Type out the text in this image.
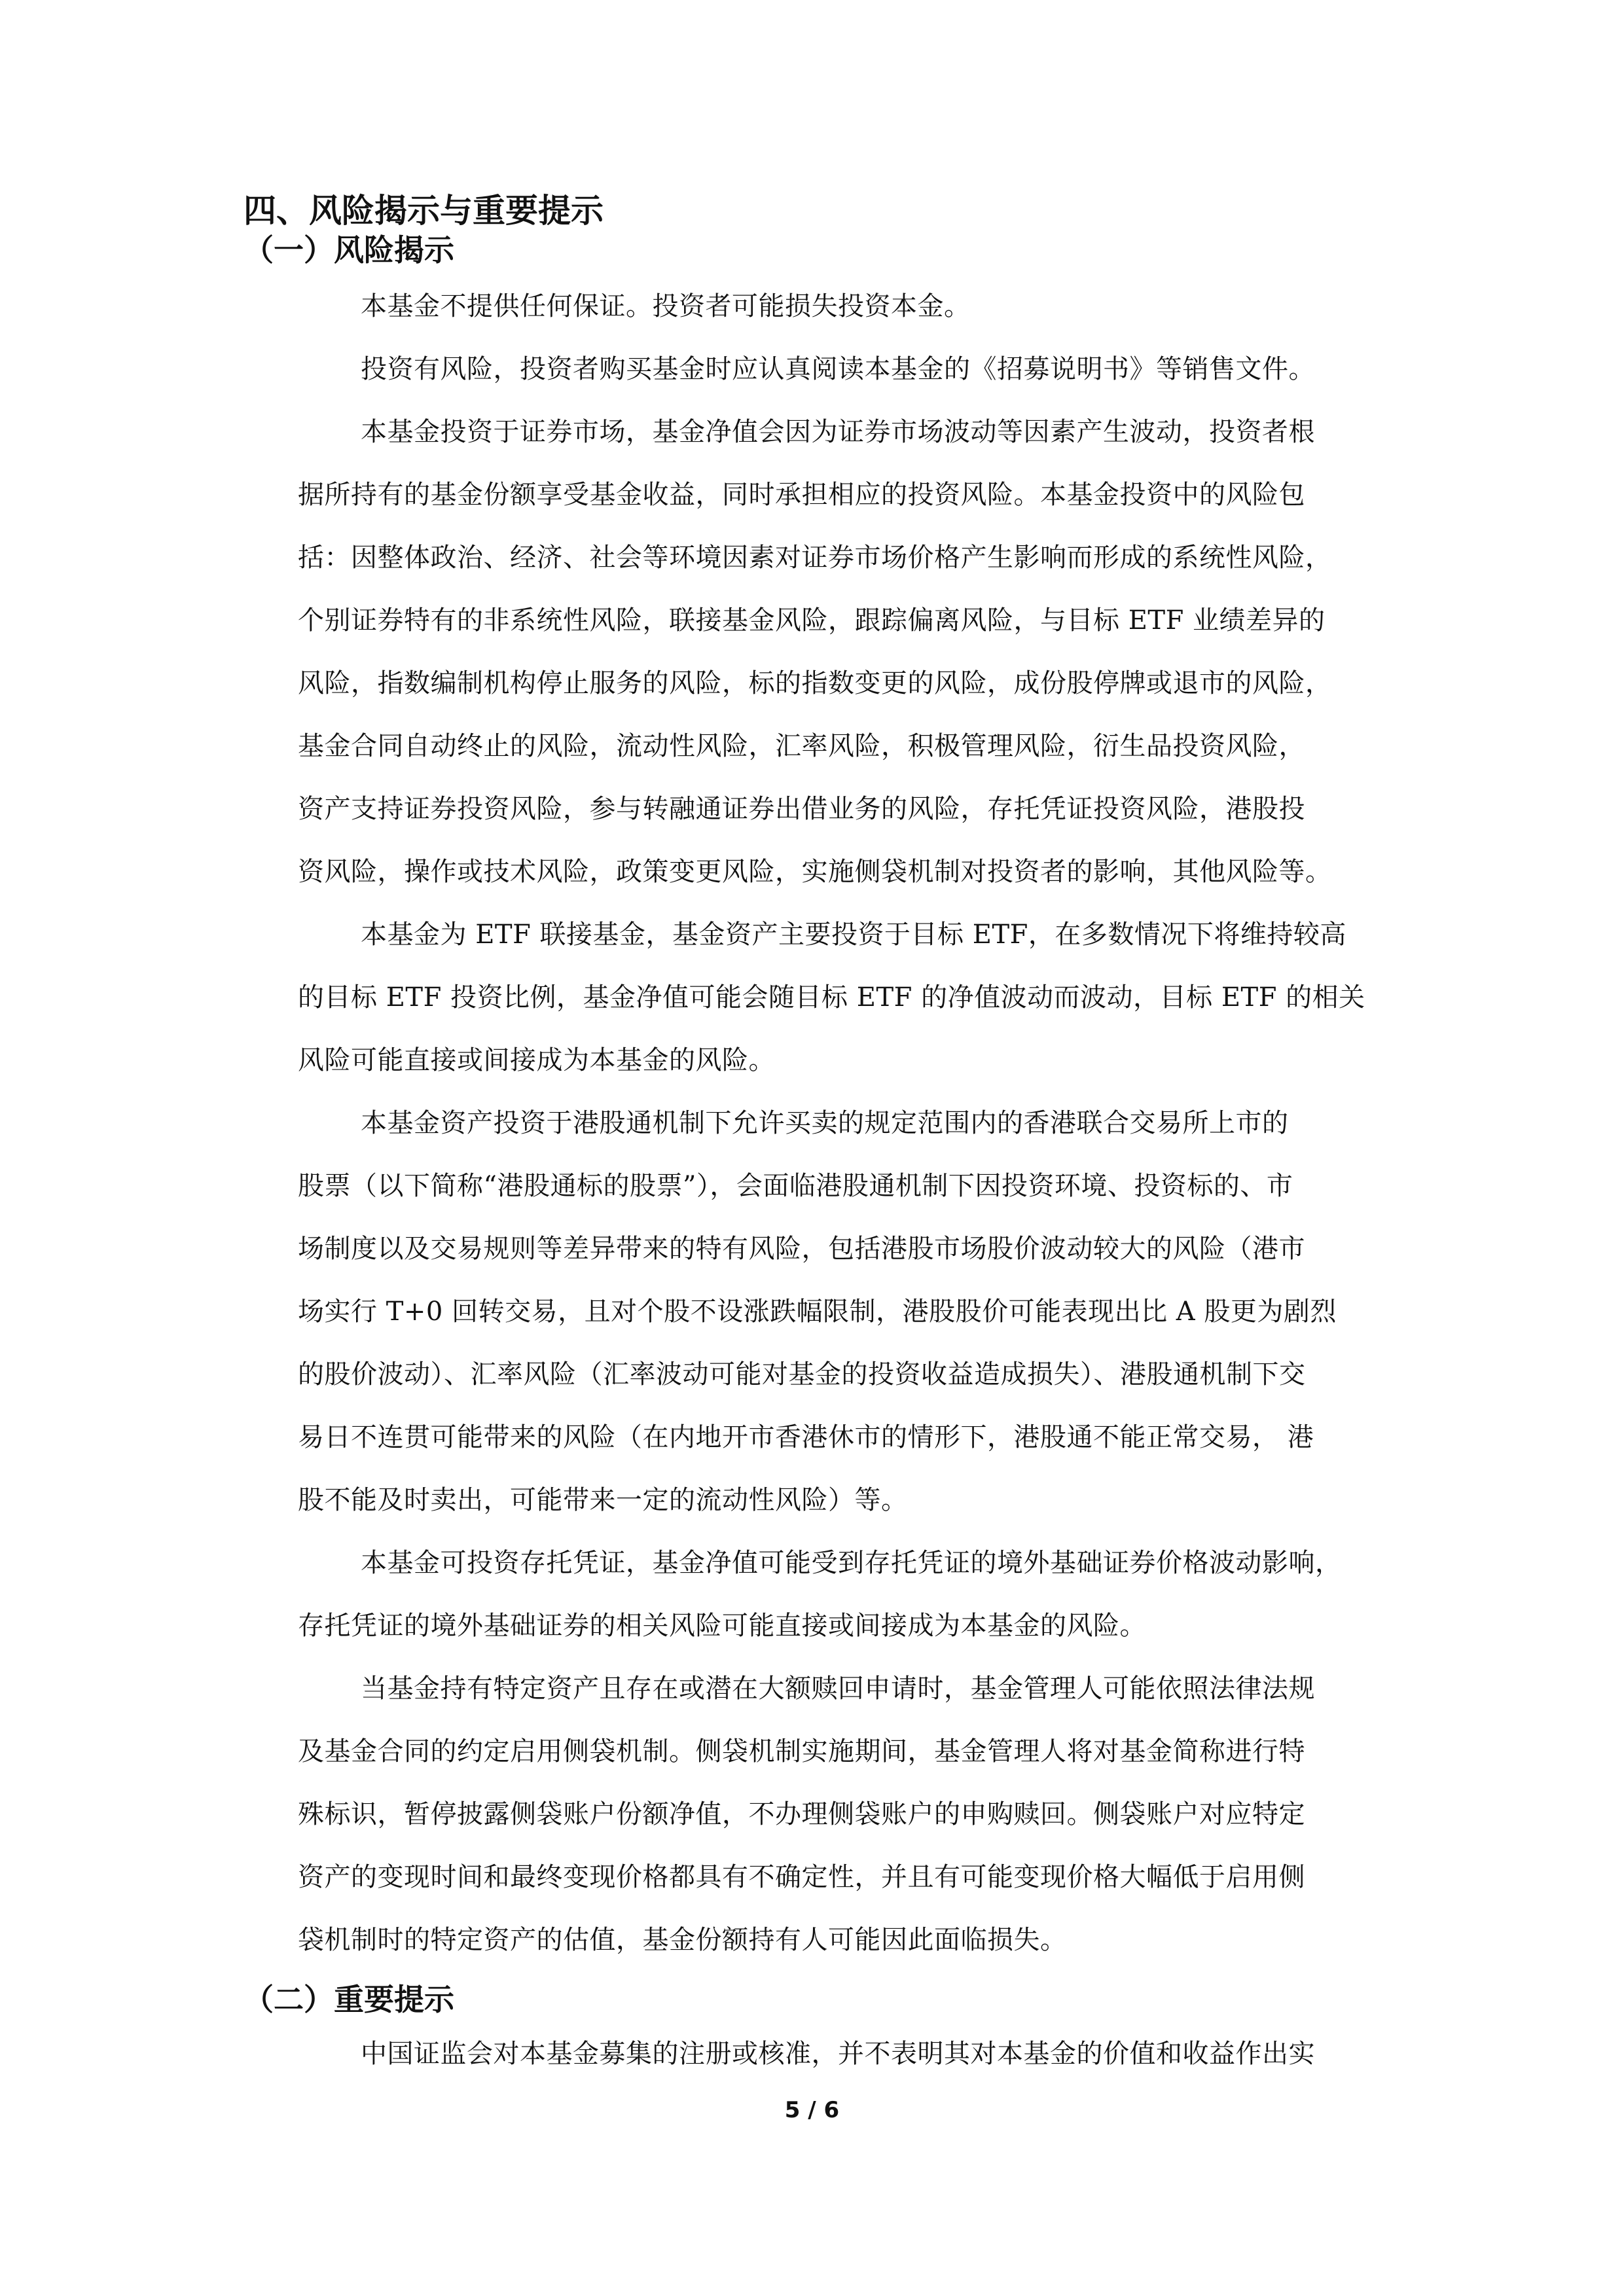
四、风险揭示与重要提示
（一）风险揭示

本基金不提供任何保证。投资者可能损失投资本金。

投资有风险，投资者购买基金时应认真阅读本基金的《招募说明书》等销售文件。

本基金投资于证券市场，基金净值会因为证券市场波动等因素产生波动，投资者根
据所持有的基金份额享受基金收益，同时承担相应的投资风险。本基金投资中的风险包
括：因整体政治、经济、社会等环境因素对证券市场价格产生影响而形成的系统性风险，
个别证券特有的非系统性风险，联接基金风险，跟踪偏离风险，与目标 ETF 业绩差异的
风险，指数编制机构停止服务的风险，标的指数变更的风险，成份股停牌或退市的风险，
基金合同自动终止的风险，流动性风险，汇率风险，积极管理风险，衍生品投资风险，
资产支持证券投资风险，参与转融通证券出借业务的风险，存托凭证投资风险，港股投
资风险，操作或技术风险，政策变更风险，实施侧袋机制对投资者的影响，其他风险等。

本基金为 ETF 联接基金，基金资产主要投资于目标 ETF，在多数情况下将维持较高
的目标 ETF 投资比例，基金净值可能会随目标 ETF 的净值波动而波动，目标 ETF 的相关
风险可能直接或间接成为本基金的风险。

本基金资产投资于港股通机制下允许买卖的规定范围内的香港联合交易所上市的
股票（以下简称“港股通标的股票”），会面临港股通机制下因投资环境、投资标的、市
场制度以及交易规则等差异带来的特有风险，包括港股市场股价波动较大的风险（港市
场实行 T+0 回转交易，且对个股不设涨跌幅限制，港股股价可能表现出比 A 股更为剧烈
的股价波动）、汇率风险（汇率波动可能对基金的投资收益造成损失）、港股通机制下交
易日不连贯可能带来的风险（在内地开市香港休市的情形下，港股通不能正常交易， 港
股不能及时卖出，可能带来一定的流动性风险）等。

本基金可投资存托凭证，基金净值可能受到存托凭证的境外基础证券价格波动影响，
存托凭证的境外基础证券的相关风险可能直接或间接成为本基金的风险。

当基金持有特定资产且存在或潜在大额赎回申请时，基金管理人可能依照法律法规
及基金合同的约定启用侧袋机制。侧袋机制实施期间，基金管理人将对基金简称进行特
殊标识，暂停披露侧袋账户份额净值，不办理侧袋账户的申购赎回。侧袋账户对应特定
资产的变现时间和最终变现价格都具有不确定性，并且有可能变现价格大幅低于启用侧
袋机制时的特定资产的估值，基金份额持有人可能因此面临损失。

（二）重要提示

中国证监会对本基金募集的注册或核准，并不表明其对本基金的价值和收益作出实

5 / 6
